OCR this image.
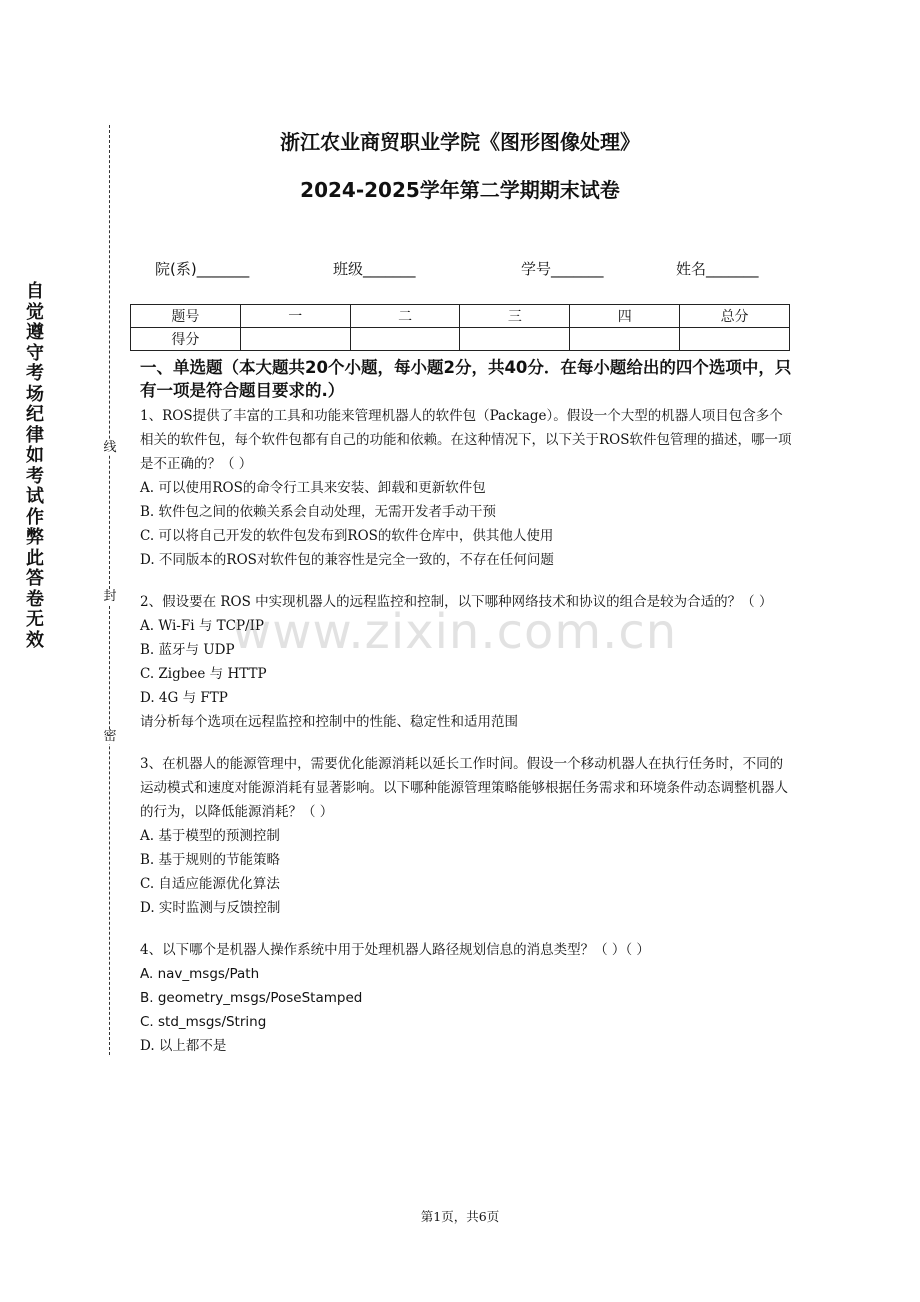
自觉遵守考场纪律如考试作弊此答卷无效
线
封
密
浙江农业商贸职业学院《图形图像处理》
2024-2025学年第二学期期末试卷
院(系)_______	班级_______	学号_______	姓名_______
题号	一	二	三	四	总分
得分					
一、单选题（本大题共20个小题，每小题2分，共40分．在每小题给出的四个选项中，只有一项是符合题目要求的.）
1、ROS提供了丰富的工具和功能来管理机器人的软件包（Package）。假设一个大型的机器人项目包含多个相关的软件包，每个软件包都有自己的功能和依赖。在这种情况下，以下关于ROS软件包管理的描述，哪一项是不正确的？（ ）
A. 可以使用ROS的命令行工具来安装、卸载和更新软件包
B. 软件包之间的依赖关系会自动处理，无需开发者手动干预
C. 可以将自己开发的软件包发布到ROS的软件仓库中，供其他人使用
D. 不同版本的ROS对软件包的兼容性是完全一致的，不存在任何问题
2、假设要在 ROS 中实现机器人的远程监控和控制，以下哪种网络技术和协议的组合是较为合适的？（ ）
A. Wi-Fi 与 TCP/IP
B. 蓝牙与 UDP
C. Zigbee 与 HTTP
D. 4G 与 FTP
请分析每个选项在远程监控和控制中的性能、稳定性和适用范围
3、在机器人的能源管理中，需要优化能源消耗以延长工作时间。假设一个移动机器人在执行任务时，不同的运动模式和速度对能源消耗有显著影响。以下哪种能源管理策略能够根据任务需求和环境条件动态调整机器人的行为，以降低能源消耗？（ ）
A. 基于模型的预测控制
B. 基于规则的节能策略
C. 自适应能源优化算法
D. 实时监测与反馈控制
4、以下哪个是机器人操作系统中用于处理机器人路径规划信息的消息类型？（ ）（ ）
A. nav_msgs/Path
B. geometry_msgs/PoseStamped
C. std_msgs/String
D. 以上都不是
www.zixin.com.cn
第1页，共6页
